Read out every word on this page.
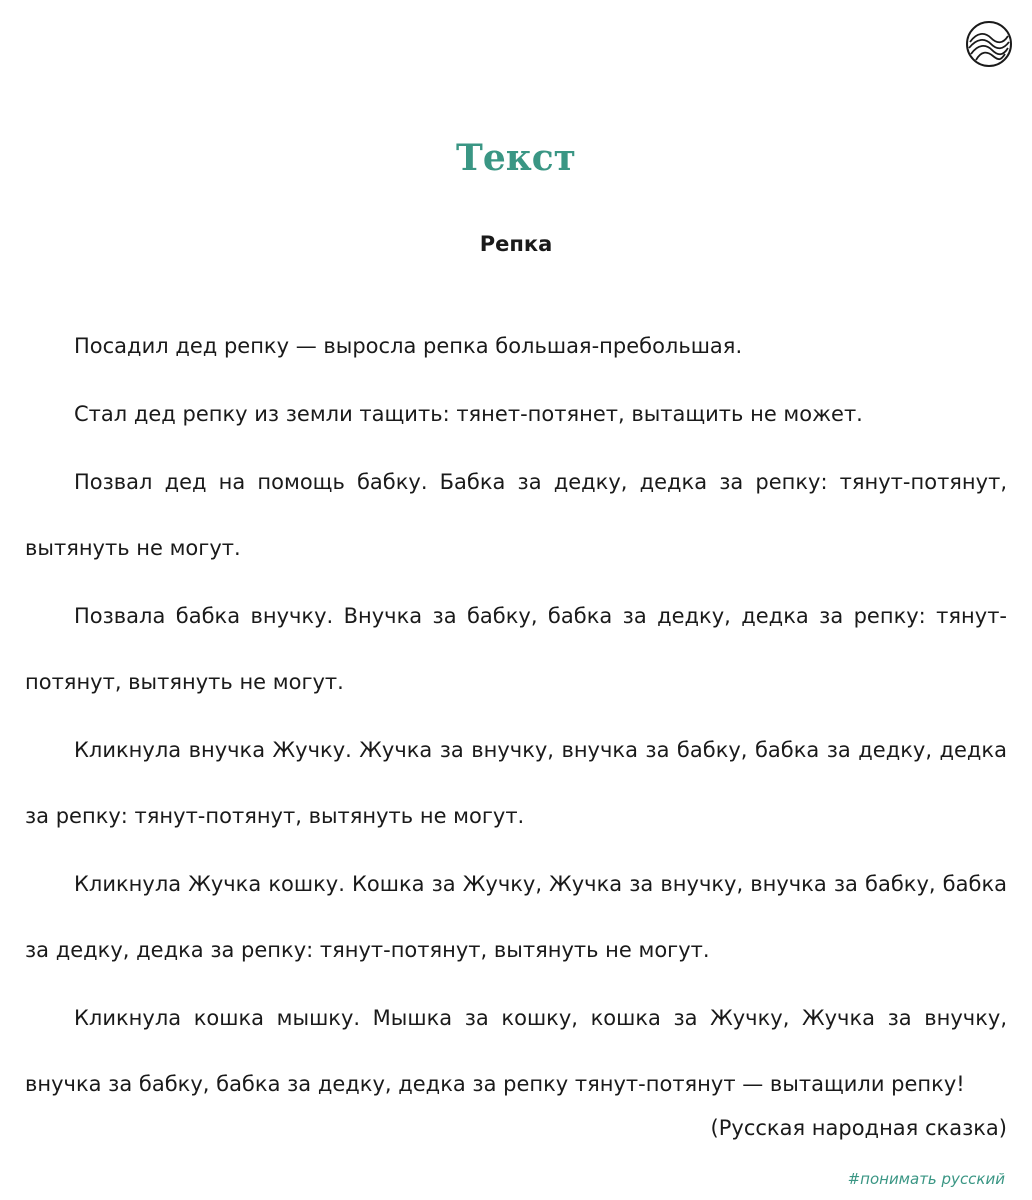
Текст
Репка

Посадил дед репку — выросла репка большая-пребольшая.

Стал дед репку из земли тащить: тянет-потянет, вытащить не может.

Позвал дед на помощь бабку. Бабка за дедку, дедка за репку: тянут-потянут, вытянуть не могут.

Позвала бабка внучку. Внучка за бабку, бабка за дедку, дедка за репку: тянут-потянут, вытянуть не могут.

Кликнула внучка Жучку. Жучка за внучку, внучка за бабку, бабка за дедку, дедка за репку: тянут-потянут, вытянуть не могут.

Кликнула Жучка кошку. Кошка за Жучку, Жучка за внучку, внучка за бабку, бабка за дедку, дедка за репку: тянут-потянут, вытянуть не могут.

Кликнула кошка мышку. Мышка за кошку, кошка за Жучку, Жучка за внучку, внучка за бабку, бабка за дедку, дедка за репку тянут-потянут — вытащили репку!

(Русская народная сказка)

#понимать русский
